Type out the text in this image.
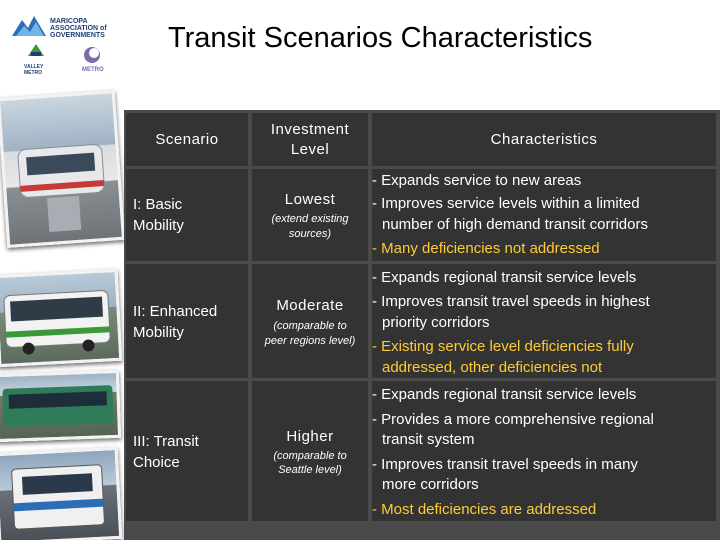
MARICOPA
ASSOCIATION of
GOVERNMENTS
VALLEY METRO	METRO
Transit Scenarios Characteristics
Scenario
Investment
Level
Characteristics
I: Basic
Mobility
Lowest
(extend existing
sources)
- Expands service to new areas
- Improves service levels within a limited
number of high demand transit corridors
- Many deficiencies not addressed
II: Enhanced
Mobility
Moderate
(comparable to
peer regions level)
- Expands regional transit service levels
- Improves transit travel speeds in highest
priority corridors
- Existing service level deficiencies fully
addressed, other deficiencies not
III: Transit
Choice
Higher
(comparable to
Seattle level)
- Expands regional transit service levels
- Provides a more comprehensive regional
transit system
- Improves transit travel speeds in many
more corridors
- Most deficiencies are addressed
